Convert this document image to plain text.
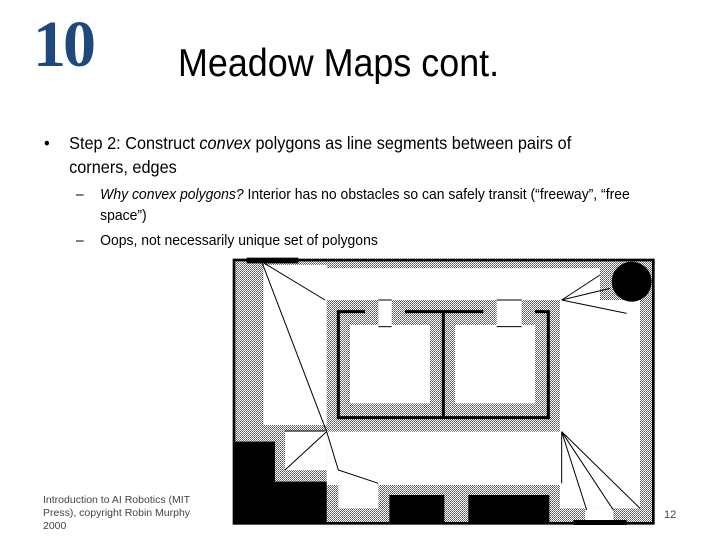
10 Meadow Maps cont.
• Step 2: Construct convex polygons as line segments between pairs of corners, edges
– Why convex polygons? Interior has no obstacles so can safely transit (“freeway”, “free space”)
– Oops, not necessarily unique set of polygons
Introduction to AI Robotics (MIT Press), copyright Robin Murphy 2000
12
